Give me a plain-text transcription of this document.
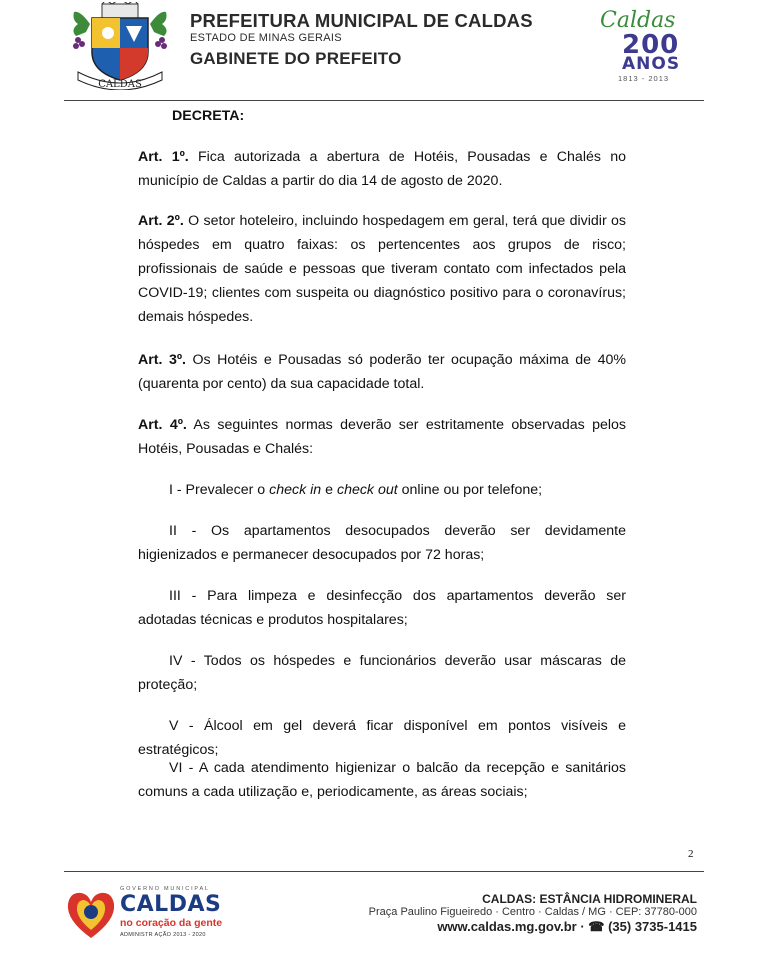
CALDAS
PREFEITURA MUNICIPAL DE CALDAS
ESTADO DE MINAS GERAIS
GABINETE DO PREFEITO
Caldas
200
ANOS
1813 - 2013
DECRETA:
Art. 1º. Fica autorizada a abertura de Hotéis, Pousadas e Chalés no município de Caldas a partir do dia 14 de agosto de 2020.
Art. 2º. O setor hoteleiro, incluindo hospedagem em geral, terá que dividir os hóspedes em quatro faixas: os pertencentes aos grupos de risco; profissionais de saúde e pessoas que tiveram contato com infectados pela COVID-19; clientes com suspeita ou diagnóstico positivo para o coronavírus; demais hóspedes.
Art. 3º. Os Hotéis e Pousadas só poderão ter ocupação máxima de 40% (quarenta por cento) da sua capacidade total.
Art. 4º. As seguintes normas deverão ser estritamente observadas pelos Hotéis, Pousadas e Chalés:
I - Prevalecer o check in e check out online ou por telefone;
II - Os apartamentos desocupados deverão ser devidamente higienizados e permanecer desocupados por 72 horas;
III - Para limpeza e desinfecção dos apartamentos deverão ser adotadas técnicas e produtos hospitalares;
IV - Todos os hóspedes e funcionários deverão usar máscaras de proteção;
V - Álcool em gel deverá ficar disponível em pontos visíveis e estratégicos;
VI - A cada atendimento higienizar o balcão da recepção e sanitários comuns a cada utilização e, periodicamente, as áreas sociais;
2
GOVERNO MUNICIPAL
CALDAS
no coração da gente
ADMINISTR AÇÃO 2013 - 2020
CALDAS: ESTÂNCIA HIDROMINERAL
Praça Paulino Figueiredo · Centro · Caldas / MG · CEP: 37780-000
www.caldas.mg.gov.br · ☎ (35) 3735-1415
